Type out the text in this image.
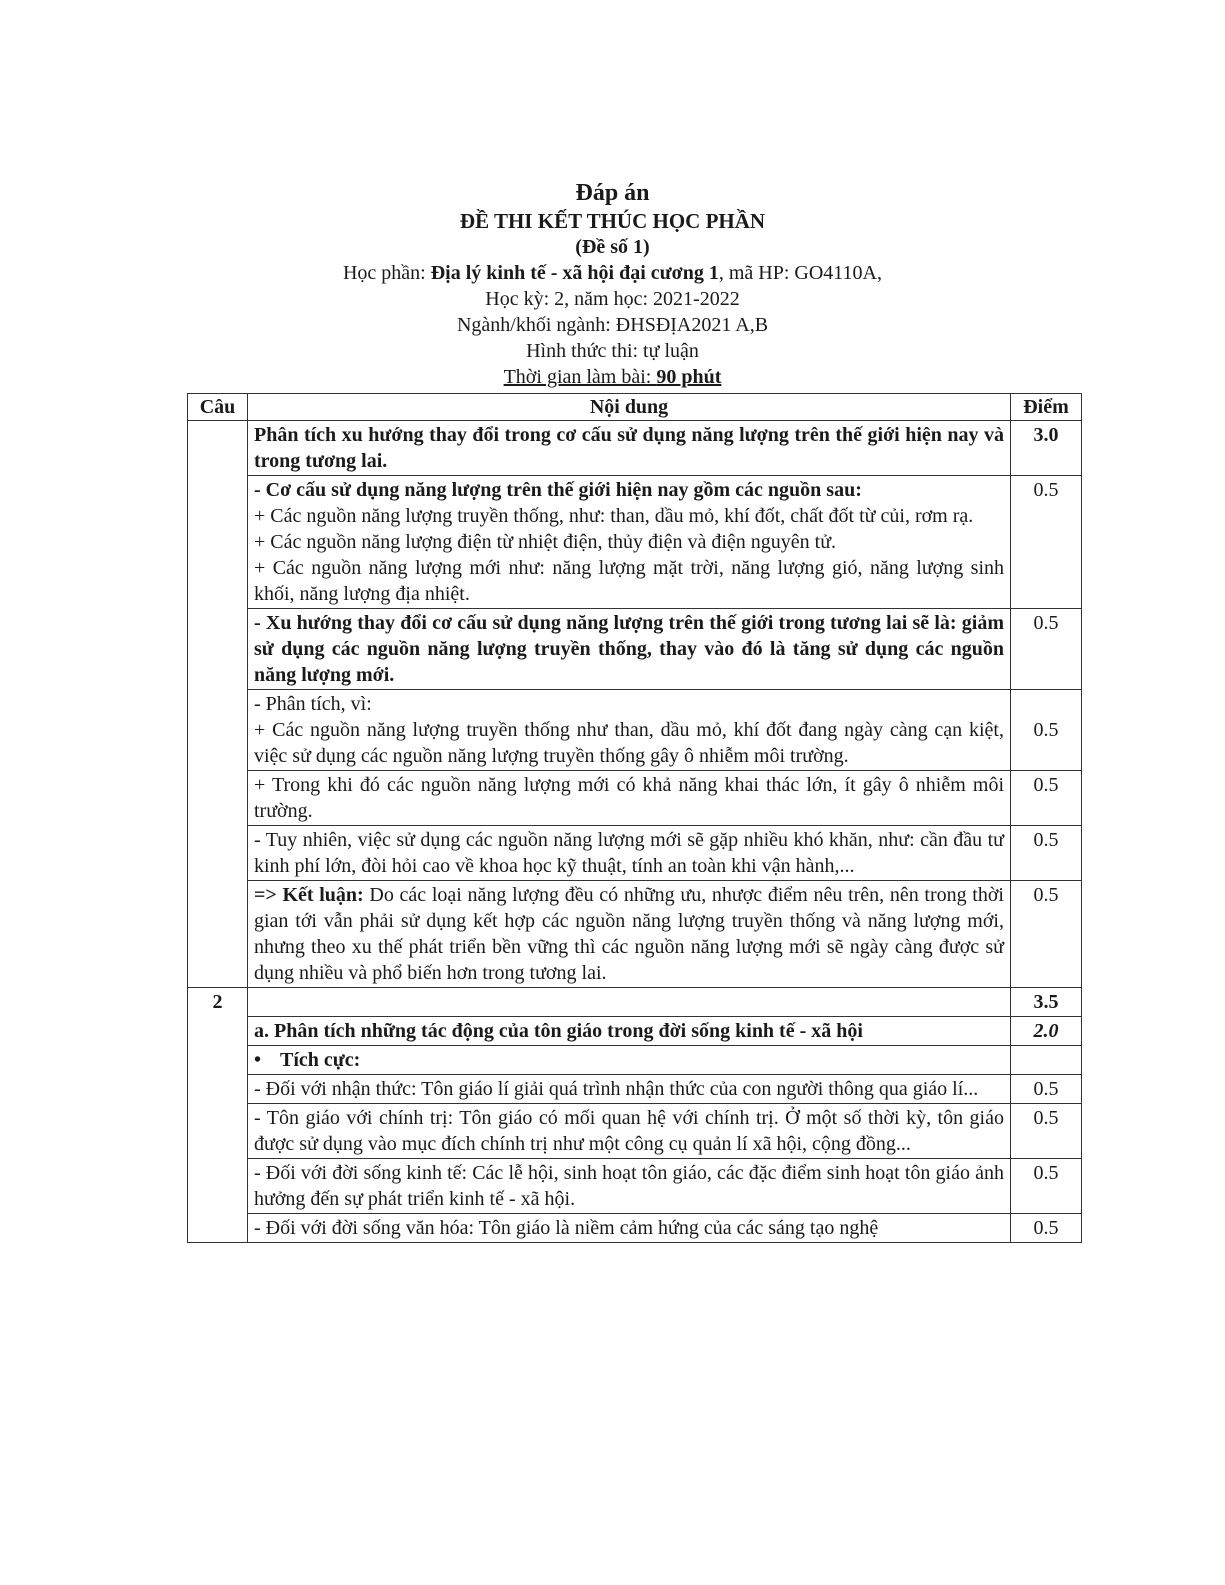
Đáp án
ĐỀ THI KẾT THÚC HỌC PHẦN
(Đề số 1)
Học phần: Địa lý kinh tế - xã hội đại cương 1, mã HP: GO4110A,
Học kỳ: 2, năm học: 2021-2022
Ngành/khối ngành: ĐHSĐỊA2021 A,B
Hình thức thi: tự luận
Thời gian làm bài: 90 phút
Câu	Nội dung	Điểm
	Phân tích xu hướng thay đổi trong cơ cấu sử dụng năng lượng trên thế giới hiện nay và trong tương lai.	3.0

	- Cơ cấu sử dụng năng lượng trên thế giới hiện nay gồm các nguồn sau:
+ Các nguồn năng lượng truyền thống, như: than, dầu mỏ, khí đốt, chất đốt từ củi, rơm rạ.
+ Các nguồn năng lượng điện từ nhiệt điện, thủy điện và điện nguyên tử.
+ Các nguồn năng lượng mới như: năng lượng mặt trời, năng lượng gió, năng lượng sinh khối, năng lượng địa nhiệt.	0.5
	- Xu hướng thay đổi cơ cấu sử dụng năng lượng trên thế giới trong tương lai sẽ là: giảm sử dụng các nguồn năng lượng truyền thống, thay vào đó là tăng sử dụng các nguồn năng lượng mới.	0.5

	- Phân tích, vì:
+ Các nguồn năng lượng truyền thống như than, dầu mỏ, khí đốt đang ngày càng cạn kiệt, việc sử dụng các nguồn năng lượng truyền thống gây ô nhiễm môi trường.	0.5
	+ Trong khi đó các nguồn năng lượng mới có khả năng khai thác lớn, ít gây ô nhiễm môi trường.	0.5
	- Tuy nhiên, việc sử dụng các nguồn năng lượng mới sẽ gặp nhiều khó khăn, như: cần đầu tư kinh phí lớn, đòi hỏi cao về khoa học kỹ thuật, tính an toàn khi vận hành,...	0.5
	=> Kết luận: Do các loại năng lượng đều có những ưu, nhược điểm nêu trên, nên trong thời gian tới vẫn phải sử dụng kết hợp các nguồn năng lượng truyền thống và năng lượng mới, nhưng theo xu thế phát triển bền vững thì các nguồn năng lượng mới sẽ ngày càng được sử dụng nhiều và phổ biến hơn trong tương lai.	0.5
2		3.5
	a. Phân tích những tác động của tôn giáo trong đời sống kinh tế - xã hội	2.0
	• Tích cực:	
	- Đối với nhận thức: Tôn giáo lí giải quá trình nhận thức của con người thông qua giáo lí...	0.5
	- Tôn giáo với chính trị: Tôn giáo có mối quan hệ với chính trị. Ở một số thời kỳ, tôn giáo được sử dụng vào mục đích chính trị như một công cụ quản lí xã hội, cộng đồng...	0.5
	- Đối với đời sống kinh tế: Các lễ hội, sinh hoạt tôn giáo, các đặc điểm sinh hoạt tôn giáo ảnh hưởng đến sự phát triển kinh tế - xã hội.	0.5
	- Đối với đời sống văn hóa: Tôn giáo là niềm cảm hứng của các sáng tạo nghệ	0.5
